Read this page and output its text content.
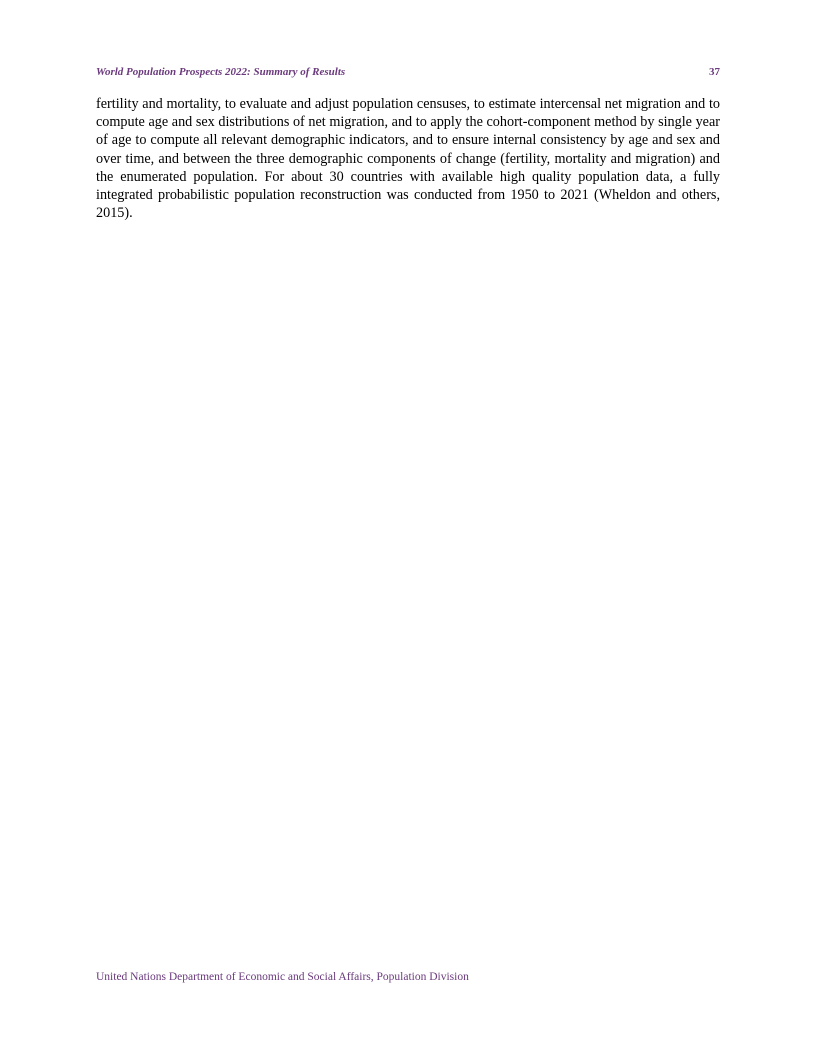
World Population Prospects 2022: Summary of Results	37

fertility and mortality, to evaluate and adjust population censuses, to estimate intercensal net migration and to compute age and sex distributions of net migration, and to apply the cohort-component method by single year of age to compute all relevant demographic indicators, and to ensure internal consistency by age and sex and over time, and between the three demographic components of change (fertility, mortality and migration) and the enumerated population. For about 30 countries with available high quality population data, a fully integrated probabilistic population reconstruction was conducted from 1950 to 2021 (Wheldon and others, 2015).

United Nations Department of Economic and Social Affairs, Population Division
